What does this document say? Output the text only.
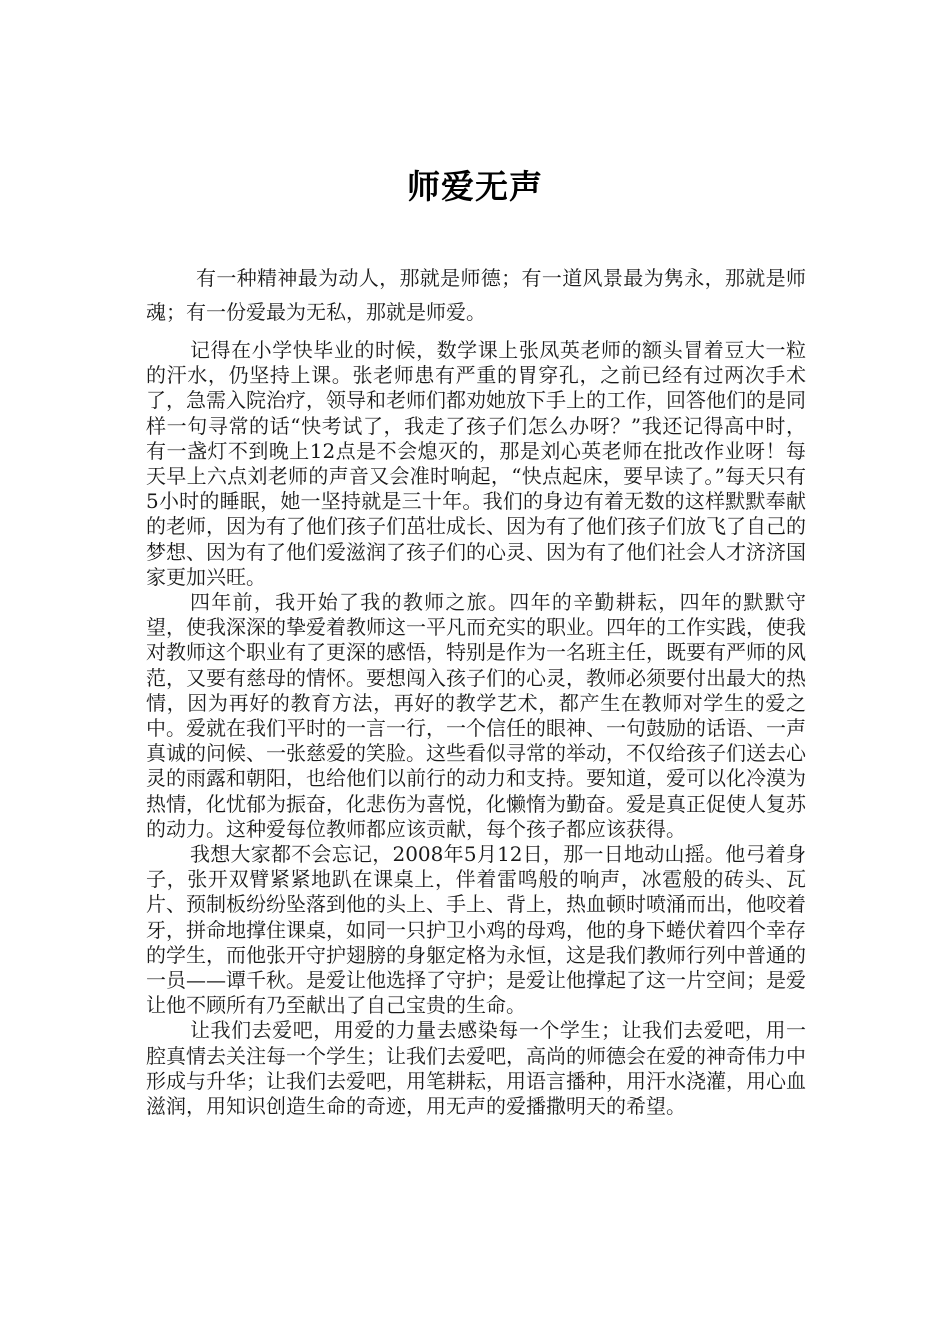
师爱无声

有一种精神最为动人，那就是师德；有一道风景最为隽永，那就是师魂；有一份爱最为无私，那就是师爱。

记得在小学快毕业的时候，数学课上张凤英老师的额头冒着豆大一粒的汗水，仍坚持上课。张老师患有严重的胃穿孔，之前已经有过两次手术了，急需入院治疗，领导和老师们都劝她放下手上的工作，回答他们的是同样一句寻常的话“快考试了，我走了孩子们怎么办呀？”我还记得高中时，有一盏灯不到晚上12点是不会熄灭的，那是刘心英老师在批改作业呀！每天早上六点刘老师的声音又会准时响起，“快点起床，要早读了。”每天只有5小时的睡眠，她一坚持就是三十年。我们的身边有着无数的这样默默奉献的老师，因为有了他们孩子们茁壮成长、因为有了他们孩子们放飞了自己的梦想、因为有了他们爱滋润了孩子们的心灵、因为有了他们社会人才济济国家更加兴旺。

四年前，我开始了我的教师之旅。四年的辛勤耕耘，四年的默默守望，使我深深的挚爱着教师这一平凡而充实的职业。四年的工作实践，使我对教师这个职业有了更深的感悟，特别是作为一名班主任，既要有严师的风范，又要有慈母的情怀。要想闯入孩子们的心灵，教师必须要付出最大的热情，因为再好的教育方法，再好的教学艺术，都产生在教师对学生的爱之中。爱就在我们平时的一言一行，一个信任的眼神、一句鼓励的话语、一声真诚的问候、一张慈爱的笑脸。这些看似寻常的举动，不仅给孩子们送去心灵的雨露和朝阳，也给他们以前行的动力和支持。要知道，爱可以化冷漠为热情，化忧郁为振奋，化悲伤为喜悦，化懒惰为勤奋。爱是真正促使人复苏的动力。这种爱每位教师都应该贡献，每个孩子都应该获得。

我想大家都不会忘记，2008年5月12日，那一日地动山摇。他弓着身子，张开双臂紧紧地趴在课桌上，伴着雷鸣般的响声，冰雹般的砖头、瓦片、预制板纷纷坠落到他的头上、手上、背上，热血顿时喷涌而出，他咬着牙，拼命地撑住课桌，如同一只护卫小鸡的母鸡，他的身下蜷伏着四个幸存的学生，而他张开守护翅膀的身躯定格为永恒，这是我们教师行列中普通的一员——谭千秋。是爱让他选择了守护；是爱让他撑起了这一片空间；是爱让他不顾所有乃至献出了自己宝贵的生命。

让我们去爱吧，用爱的力量去感染每一个学生；让我们去爱吧，用一腔真情去关注每一个学生；让我们去爱吧，高尚的师德会在爱的神奇伟力中形成与升华；让我们去爱吧，用笔耕耘，用语言播种，用汗水浇灌，用心血滋润，用知识创造生命的奇迹，用无声的爱播撒明天的希望。
